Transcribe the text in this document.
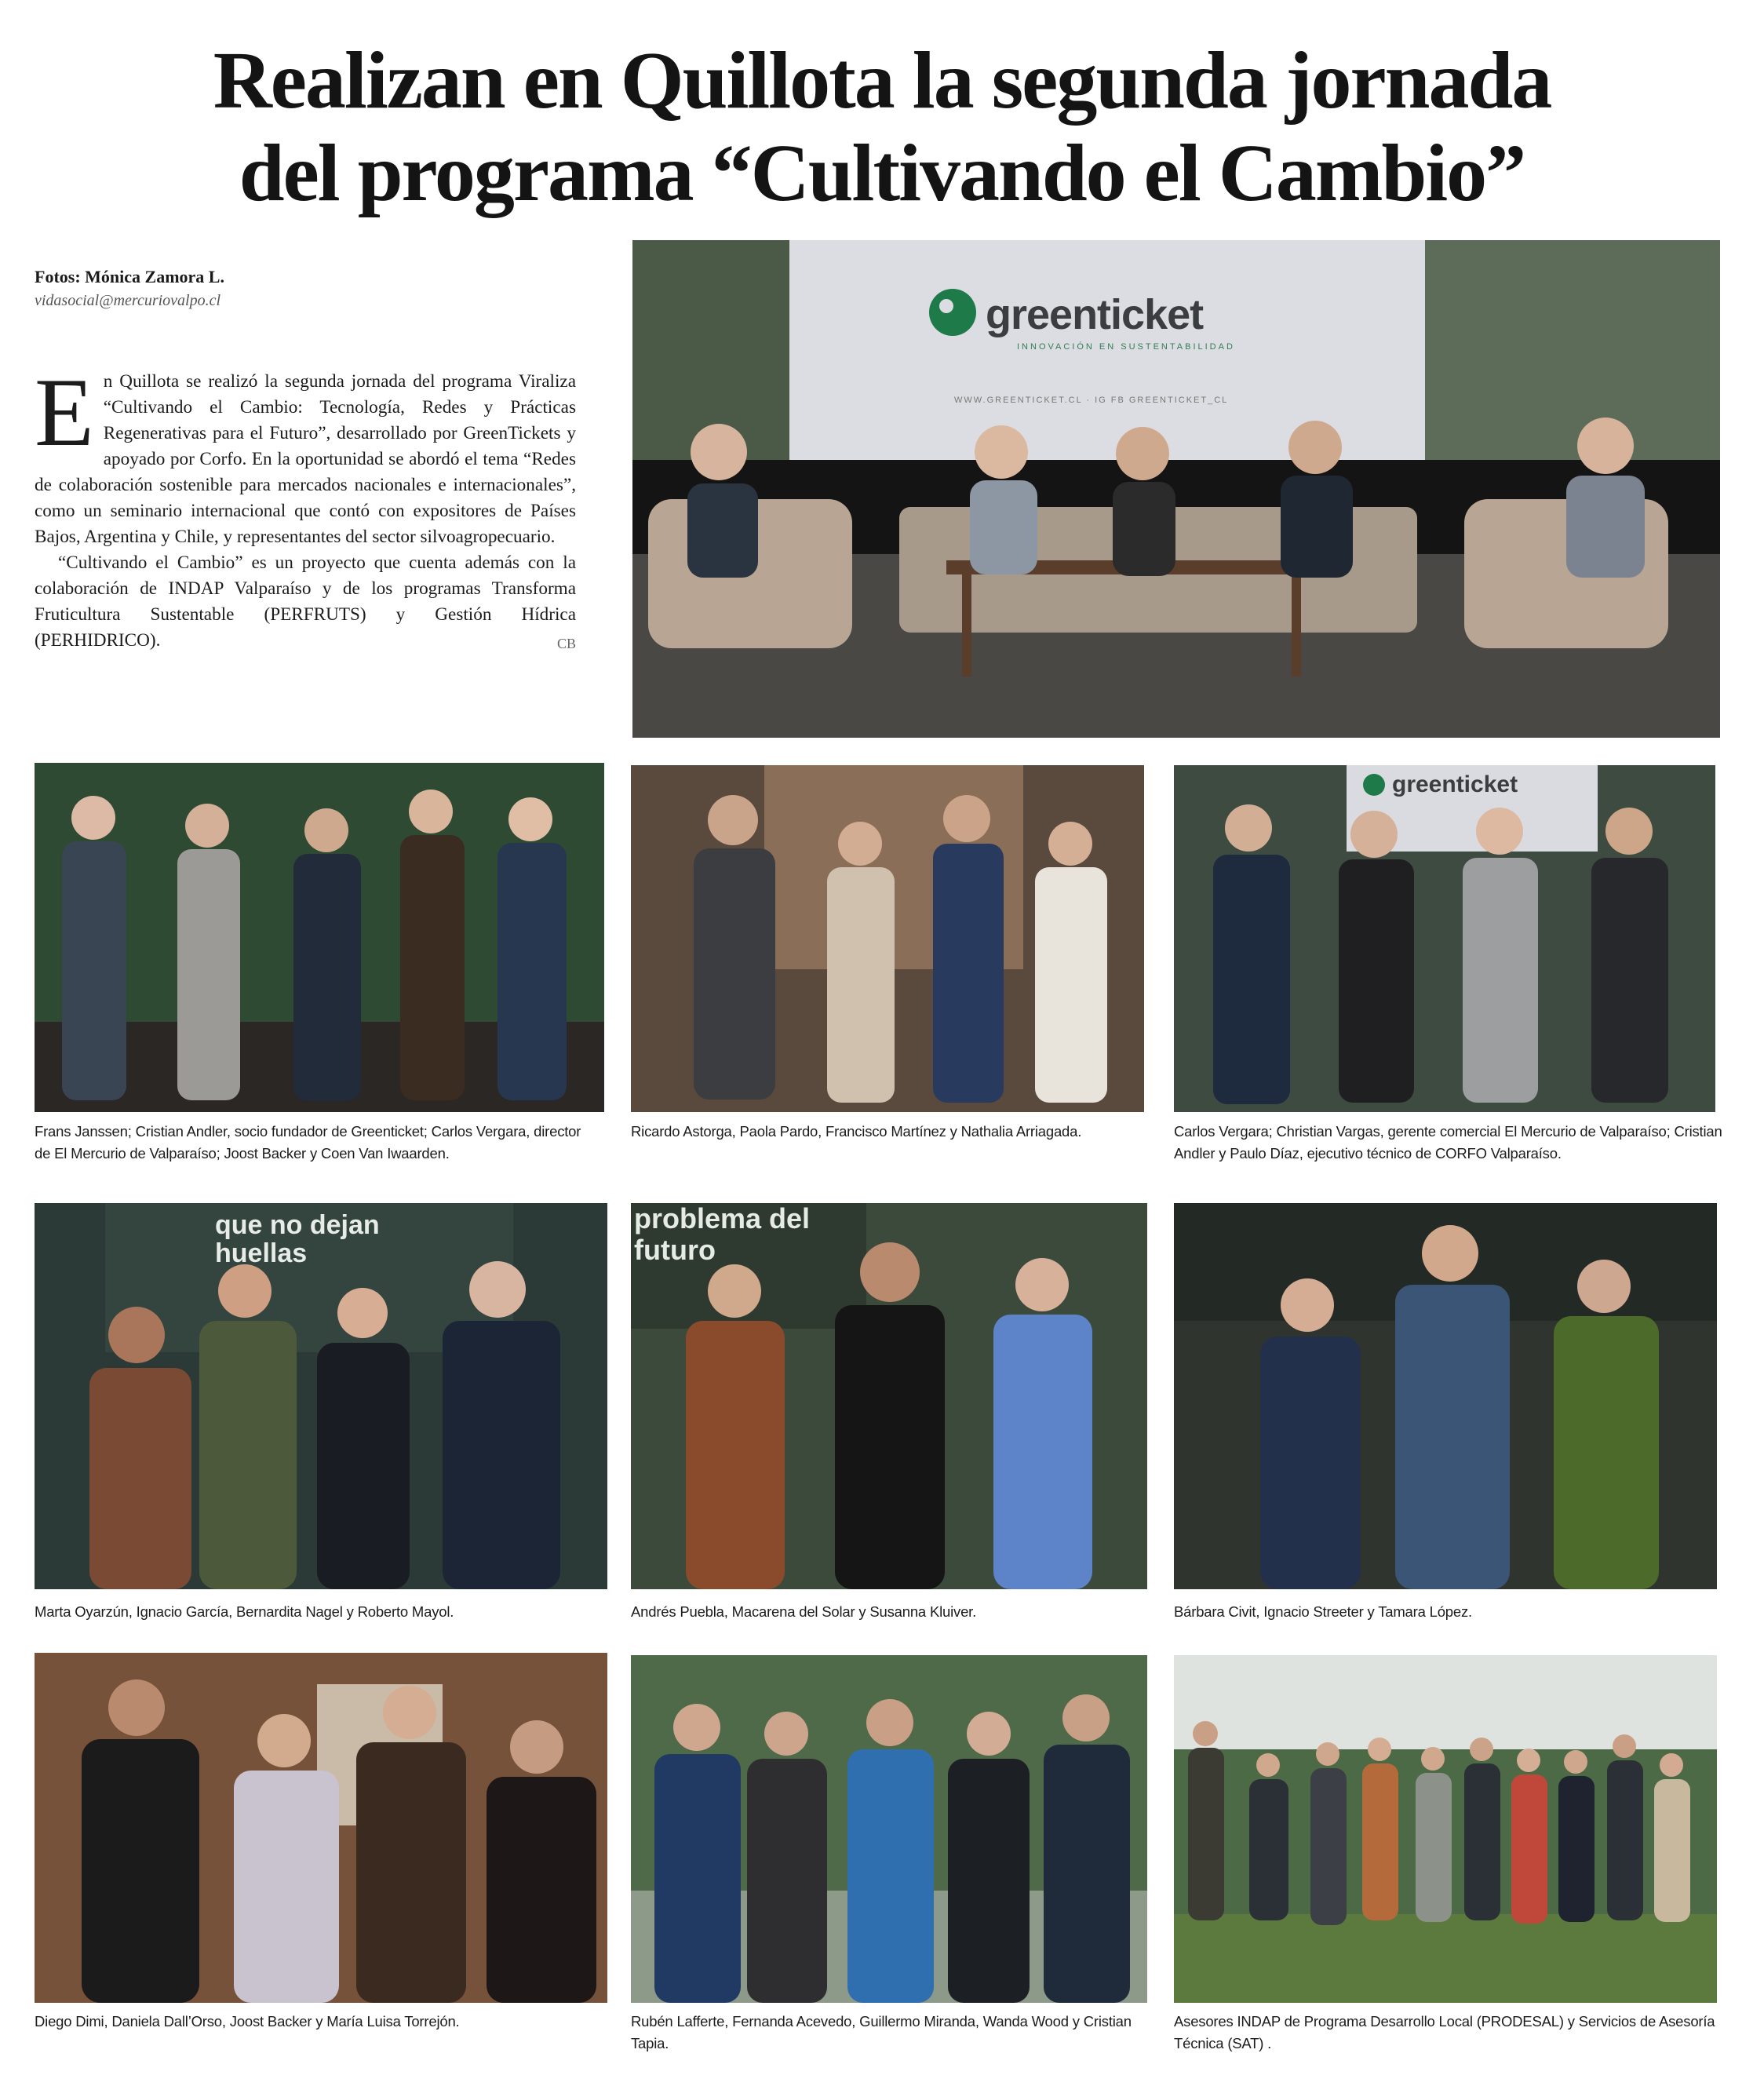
Realizan en Quillota la segunda jornada
del programa “Cultivando el Cambio”
Fotos: Mónica Zamora L.
vidasocial@mercuriovalpo.cl

En Quillota se realizó la segunda jornada del programa Viraliza “Cultivando el Cambio: Tecnología, Redes y Prácticas Regenerativas para el Futuro”, desarrollado por GreenTickets y apoyado por Corfo. En la oportunidad se abordó el tema “Redes de colaboración sostenible para mercados nacionales e internacionales”, como un seminario internacional que contó con expositores de Países Bajos, Argentina y Chile, y representantes del sector silvoagropecuario.

“Cultivando el Cambio” es un proyecto que cuenta además con la colaboración de INDAP Valparaíso y de los programas Transforma Fruticultura Sustentable (PERFRUTS) y Gestión Hídrica (PERHIDRICO).	CB

greenticket
INNOVACIÓN EN SUSTENTABILIDAD
WWW.GREENTICKET.CL · IG FB GREENTICKET_CL
Frans Janssen; Cristian Andler, socio fundador de Greenticket; Carlos Vergara, director de El Mercurio de Valparaíso; Joost Backer y Coen Van Iwaarden.
Ricardo Astorga, Paola Pardo, Francisco Martínez y Nathalia Arriagada.
greenticket
Carlos Vergara; Christian Vargas, gerente comercial El Mercurio de Valparaíso; Cristian Andler y Paulo Díaz, ejecutivo técnico de CORFO Valparaíso.
que no dejan huellas
Marta Oyarzún, Ignacio García, Bernardita Nagel y Roberto Mayol.
problema del futuro
Andrés Puebla, Macarena del Solar y Susanna Kluiver.	Bárbara Civit, Ignacio Streeter y Tamara López.
Diego Dimi, Daniela Dall’Orso, Joost Backer y María Luisa Torrejón.	Rubén Lafferte, Fernanda Acevedo, Guillermo Miranda, Wanda Wood y Cristian Tapia.
Asesores INDAP de Programa Desarrollo Local (PRODESAL) y Servicios de Asesoría Técnica (SAT) .
